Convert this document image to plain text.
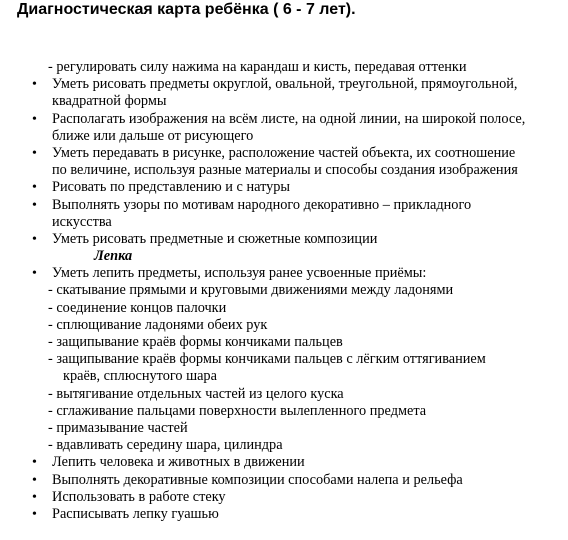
Диагностическая карта ребёнка ( 6 - 7 лет).
- регулировать силу нажима на карандаш и кисть, передавая оттенки
• Уметь рисовать предметы округлой, овальной, треугольной, прямоугольной,
квадратной формы
• Располагать изображения на всём листе, на одной линии, на широкой полосе,
ближе или дальше от рисующего
• Уметь передавать в рисунке, расположение частей объекта, их соотношение
по величине, используя разные материалы и способы создания изображения
• Рисовать по представлению и с натуры
• Выполнять узоры по мотивам народного декоративно – прикладного
искусства
• Уметь рисовать предметные и сюжетные композиции
Лепка
• Уметь лепить предметы, используя ранее усвоенные приёмы:
- скатывание прямыми и круговыми движениями между ладонями
- соединение концов палочки
- сплющивание ладонями обеих рук
- защипывание краёв формы кончиками пальцев
- защипывание краёв формы кончиками пальцев с лёгким оттягиванием
краёв, сплюснутого шара
- вытягивание отдельных частей из целого куска
- сглаживание пальцами поверхности вылепленного предмета
- примазывание частей
- вдавливать середину шара, цилиндра
• Лепить человека и животных в движении
• Выполнять декоративные композиции способами налепа и рельефа
• Использовать в работе стеку
• Расписывать лепку гуашью
